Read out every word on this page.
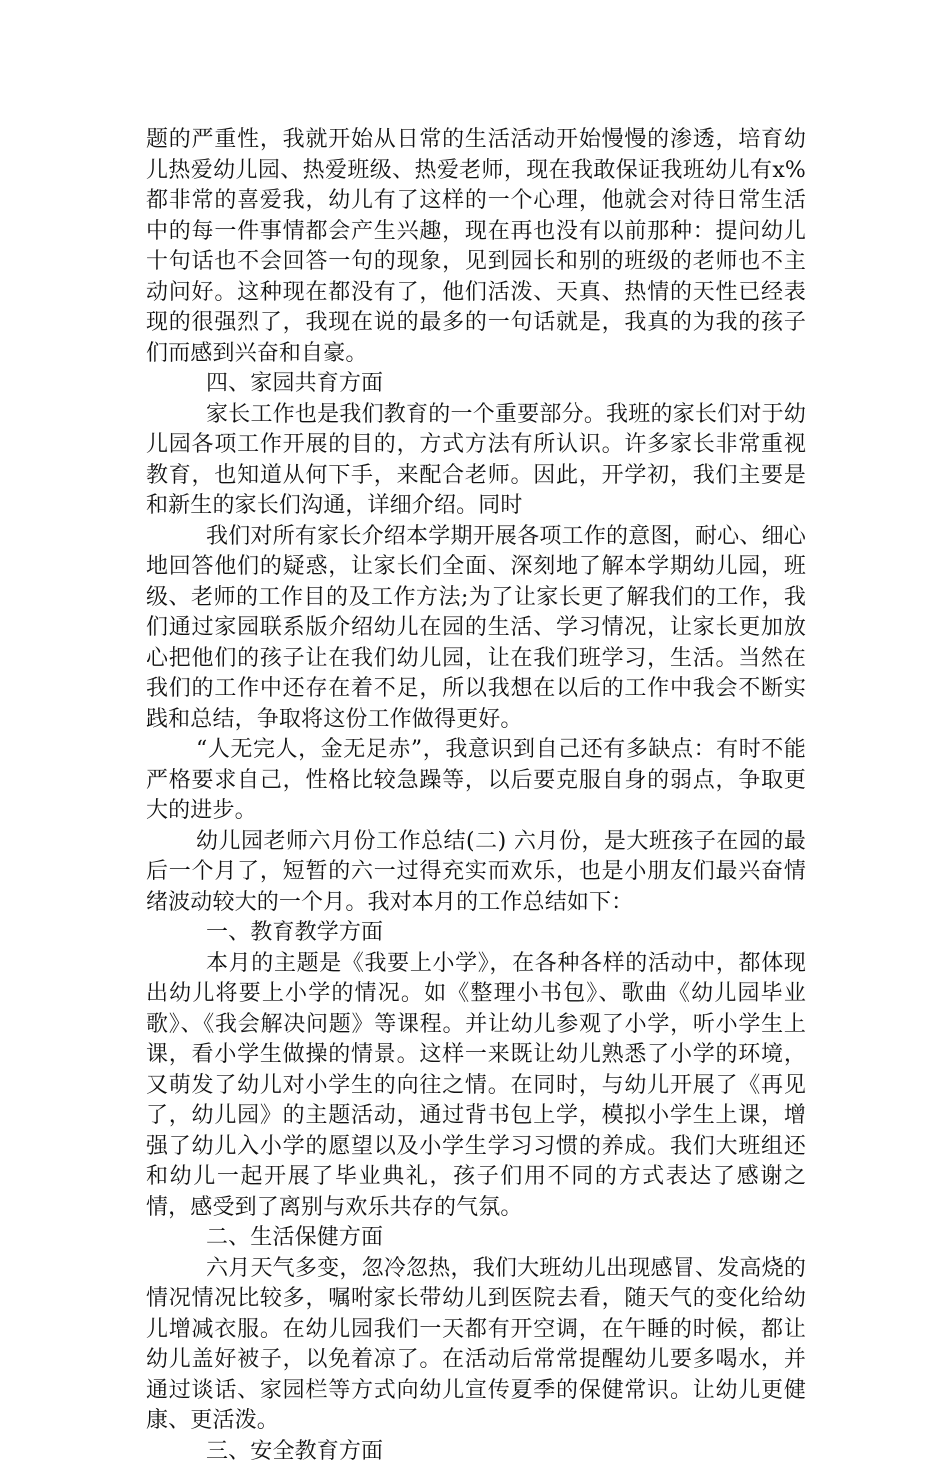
题的严重性，我就开始从日常的生活活动开始慢慢的渗透，培育幼儿热爱幼儿园、热爱班级、热爱老师，现在我敢保证我班幼儿有x%都非常的喜爱我，幼儿有了这样的一个心理，他就会对待日常生活中的每一件事情都会产生兴趣，现在再也没有以前那种：提问幼儿十句话也不会回答一句的现象，见到园长和别的班级的老师也不主动问好。这种现在都没有了，他们活泼、天真、热情的天性已经表现的很强烈了，我现在说的最多的一句话就是，我真的为我的孩子们而感到兴奋和自豪。

四、家园共育方面

家长工作也是我们教育的一个重要部分。我班的家长们对于幼儿园各项工作开展的目的，方式方法有所认识。许多家长非常重视教育，也知道从何下手，来配合老师。因此，开学初，我们主要是和新生的家长们沟通，详细介绍。同时

我们对所有家长介绍本学期开展各项工作的意图，耐心、细心地回答他们的疑惑，让家长们全面、深刻地了解本学期幼儿园，班级、老师的工作目的及工作方法;为了让家长更了解我们的工作，我们通过家园联系版介绍幼儿在园的生活、学习情况，让家长更加放心把他们的孩子让在我们幼儿园，让在我们班学习，生活。当然在我们的工作中还存在着不足，所以我想在以后的工作中我会不断实践和总结，争取将这份工作做得更好。

“人无完人，金无足赤”，我意识到自己还有多缺点：有时不能严格要求自己，性格比较急躁等，以后要克服自身的弱点，争取更大的进步。

幼儿园老师六月份工作总结(二) 六月份，是大班孩子在园的最后一个月了，短暂的六一过得充实而欢乐，也是小朋友们最兴奋情绪波动较大的一个月。我对本月的工作总结如下：

一、教育教学方面

本月的主题是《我要上小学》，在各种各样的活动中，都体现出幼儿将要上小学的情况。如《整理小书包》、歌曲《幼儿园毕业歌》、《我会解决问题》等课程。并让幼儿参观了小学，听小学生上课，看小学生做操的情景。这样一来既让幼儿熟悉了小学的环境，又萌发了幼儿对小学生的向往之情。在同时，与幼儿开展了《再见了，幼儿园》的主题活动，通过背书包上学，模拟小学生上课，增强了幼儿入小学的愿望以及小学生学习习惯的养成。我们大班组还和幼儿一起开展了毕业典礼，孩子们用不同的方式表达了感谢之情，感受到了离别与欢乐共存的气氛。

二、生活保健方面

六月天气多变，忽冷忽热，我们大班幼儿出现感冒、发高烧的情况情况比较多，嘱咐家长带幼儿到医院去看，随天气的变化给幼儿增减衣服。在幼儿园我们一天都有开空调，在午睡的时候，都让幼儿盖好被子，以免着凉了。在活动后常常提醒幼儿要多喝水，并通过谈话、家园栏等方式向幼儿宣传夏季的保健常识。让幼儿更健康、更活泼。

三、安全教育方面
